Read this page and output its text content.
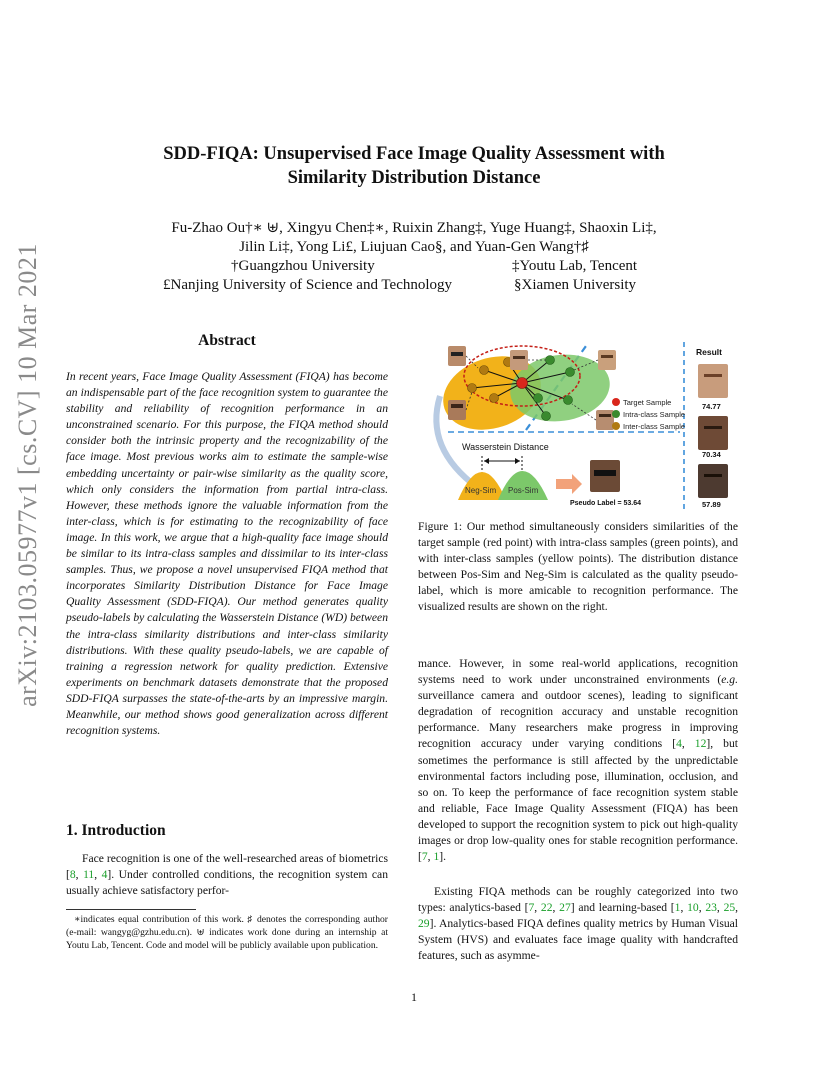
arXiv:2103.05977v1 [cs.CV] 10 Mar 2021
SDD-FIQA: Unsupervised Face Image Quality Assessment with
Similarity Distribution Distance
Fu-Zhao Ou†∗ ⊎, Xingyu Chen‡∗, Ruixin Zhang‡, Yuge Huang‡, Shaoxin Li‡,
Jilin Li‡, Yong Li£, Liujuan Cao§, and Yuan-Gen Wang†♯
†Guangzhou University	‡Youtu Lab, Tencent
£Nanjing University of Science and Technology	§Xiamen University
Abstract
In recent years, Face Image Quality Assessment (FIQA) has become an indispensable part of the face recognition system to guarantee the stability and reliability of recognition performance in an unconstrained scenario. For this purpose, the FIQA method should consider both the intrinsic property and the recognizability of the face image. Most previous works aim to estimate the sample-wise embedding uncertainty or pair-wise similarity as the quality score, which only considers the information from partial intra-class. However, these methods ignore the valuable information from the inter-class, which is for estimating to the recognizability of face image. In this work, we argue that a high-quality face image should be similar to its intra-class samples and dissimilar to its inter-class samples. Thus, we propose a novel unsupervised FIQA method that incorporates Similarity Distribution Distance for Face Image Quality Assessment (SDD-FIQA). Our method generates quality pseudo-labels by calculating the Wasserstein Distance (WD) between the intra-class similarity distributions and inter-class similarity distributions. With these quality pseudo-labels, we are capable of training a regression network for quality prediction. Extensive experiments on benchmark datasets demonstrate that the proposed SDD-FIQA surpasses the state-of-the-arts by an impressive margin. Meanwhile, our method shows good generalization across different recognition systems.
1. Introduction
Face recognition is one of the well-researched areas of biometrics [8, 11, 4]. Under controlled conditions, the recognition system can usually achieve satisfactory perfor-
∗indicates equal contribution of this work. ♯ denotes the corresponding author (e-mail: wangyg@gzhu.edu.cn). ⊎ indicates work done during an internship at Youtu Lab, Tencent. Code and model will be publicly available upon publication.
Target Sample
Intra-class Sample
Inter-class Sample
Wasserstein Distance
Neg-Sim Pos-Sim
Pseudo Label = 53.64
Result
74.77
70.34
57.89
Figure 1: Our method simultaneously considers similarities of the target sample (red point) with intra-class samples (green points), and with inter-class samples (yellow points). The distribution distance between Pos-Sim and Neg-Sim is calculated as the quality pseudo-label, which is more amicable to recognition performance. The visualized results are shown on the right.
mance. However, in some real-world applications, recognition systems need to work under unconstrained environments (e.g. surveillance camera and outdoor scenes), leading to significant degradation of recognition accuracy and unstable recognition performance. Many researchers make progress in improving recognition accuracy under varying conditions [4, 12], but sometimes the performance is still affected by the unpredictable environmental factors including pose, illumination, occlusion, and so on. To keep the performance of face recognition system stable and reliable, Face Image Quality Assessment (FIQA) has been developed to support the recognition system to pick out high-quality images or drop low-quality ones for stable recognition performance. [7, 1].
Existing FIQA methods can be roughly categorized into two types: analytics-based [7, 22, 27] and learning-based [1, 10, 23, 25, 29]. Analytics-based FIQA defines quality metrics by Human Visual System (HVS) and evaluates face image quality with handcrafted features, such as asymme-
1
